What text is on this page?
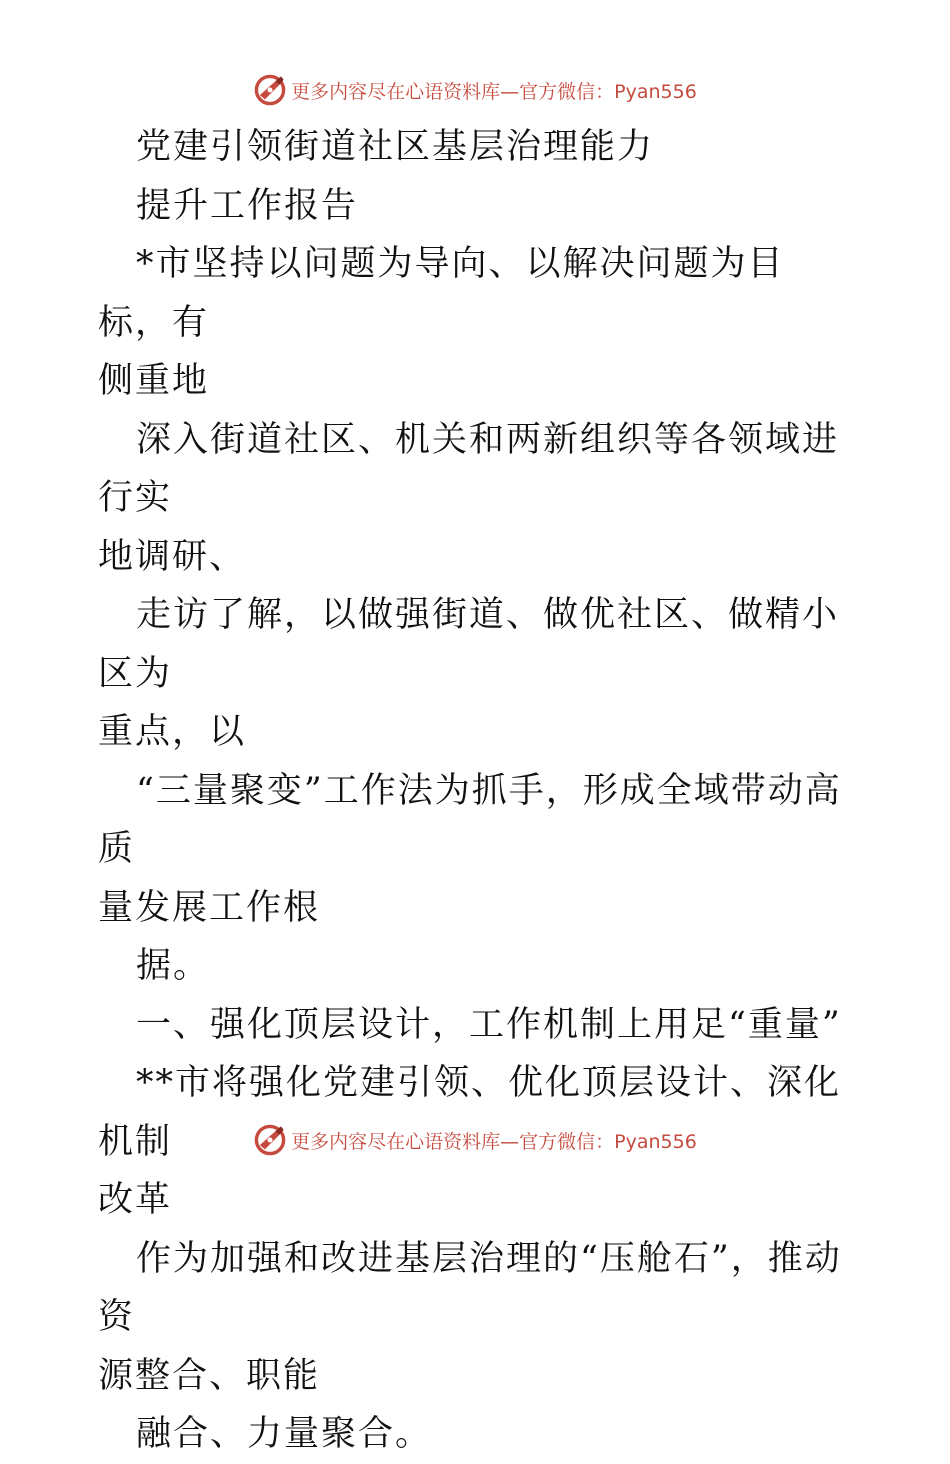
更多内容尽在心语资料库—官方微信：Pyan556

党建引领街道社区基层治理能力

提升工作报告

*市坚持以问题为导向、以解决问题为目标，有
侧重地

深入街道社区、机关和两新组织等各领域进行实
地调研、

走访了解，以做强街道、做优社区、做精小区为
重点，以

“三量聚变”工作法为抓手，形成全域带动高质
量发展工作根

据。

一、强化顶层设计，工作机制上用足“重量”

**市将强化党建引领、优化顶层设计、深化机制
改革

作为加强和改进基层治理的“压舱石”，推动资
源整合、职能

融合、力量聚合。

更多内容尽在心语资料库—官方微信：Pyan556
